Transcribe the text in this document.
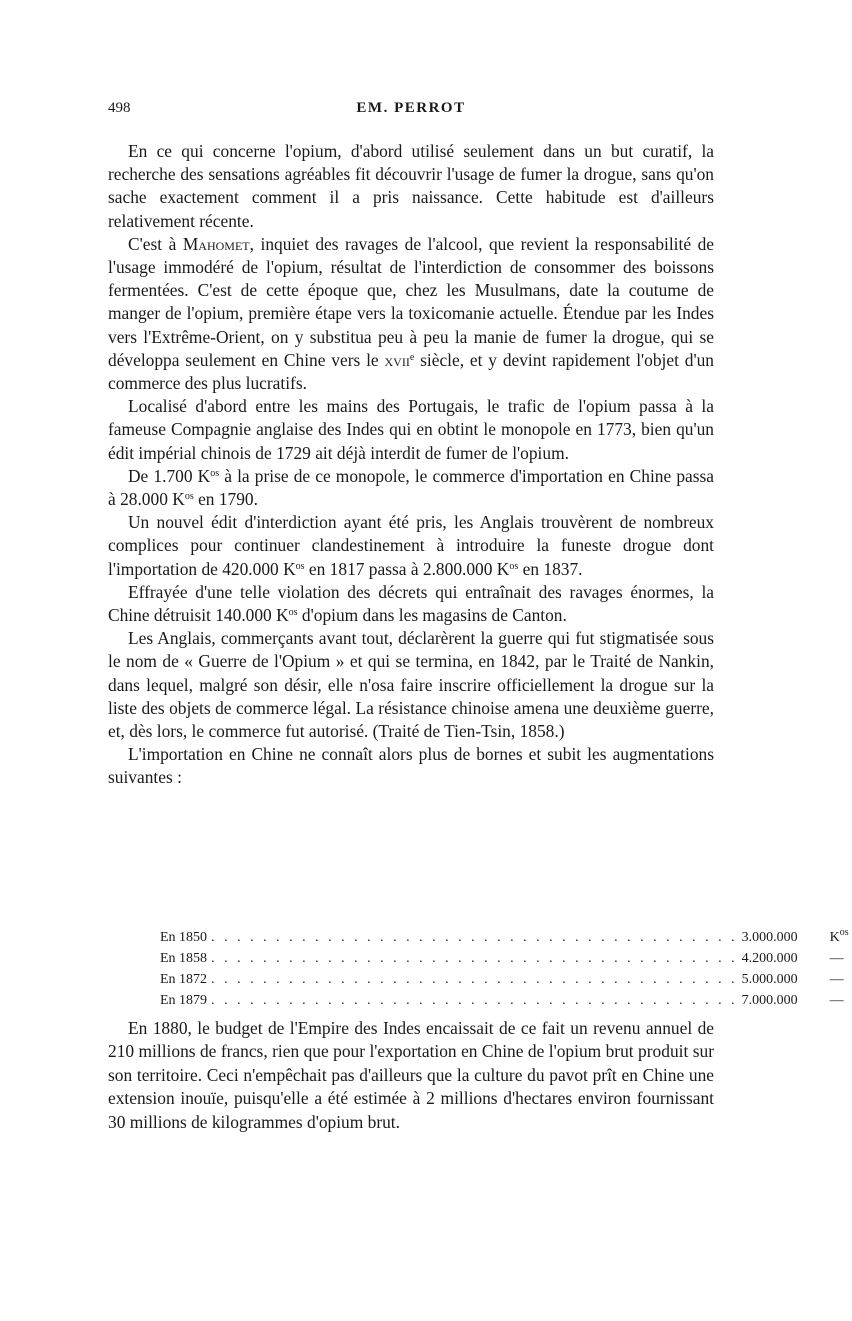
498	EM. PERROT

En ce qui concerne l'opium, d'abord utilisé seulement dans un but curatif, la recherche des sensations agréables fit découvrir l'usage de fumer la drogue, sans qu'on sache exactement comment il a pris naissance. Cette habitude est d'ailleurs relativement récente.

C'est à Mahomet, inquiet des ravages de l'alcool, que revient la responsabilité de l'usage immodéré de l'opium, résultat de l'interdiction de consommer des boissons fermentées. C'est de cette époque que, chez les Musulmans, date la coutume de manger de l'opium, première étape vers la toxicomanie actuelle. Étendue par les Indes vers l'Extrême-Orient, on y substitua peu à peu la manie de fumer la drogue, qui se développa seulement en Chine vers le xvii$^e$ siècle, et y devint rapidement l'objet d'un commerce des plus lucratifs.

Localisé d'abord entre les mains des Portugais, le trafic de l'opium passa à la fameuse Compagnie anglaise des Indes qui en obtint le monopole en 1773, bien qu'un édit impérial chinois de 1729 ait déjà interdit de fumer de l'opium.

De 1.700 $K^{os}$ à la prise de ce monopole, le commerce d'importation en Chine passa à 28.000 $K^{os}$ en 1790.

Un nouvel édit d'interdiction ayant été pris, les Anglais trouvèrent de nombreux complices pour continuer clandestinement à introduire la funeste drogue dont l'importation de 420.000 $K^{os}$ en 1817 passa à 2.800.000 $K^{os}$ en 1837.

Effrayée d'une telle violation des décrets qui entraînait des ravages énormes, la Chine détruisit 140.000 $K^{os}$ d'opium dans les magasins de Canton.

Les Anglais, commerçants avant tout, déclarèrent la guerre qui fut stigmatisée sous le nom de « Guerre de l'Opium » et qui se termina, en 1842, par le Traité de Nankin, dans lequel, malgré son désir, elle n'osa faire inscrire officiellement la drogue sur la liste des objets de commerce légal. La résistance chinoise amena une deuxième guerre, et, dès lors, le commerce fut autorisé. (Traité de Tien-Tsin, 1858.)

L'importation en Chine ne connaît alors plus de bornes et subit les augmentations suivantes :

En 1850 . . . . . . . . . . . . . . . . . . . . . . . . . . . . . . . . . . . . . . . . . 3.000.000	$K^{os}$
En 1858 . . . . . . . . . . . . . . . . . . . . . . . . . . . . . . . . . . . . . . . . . 4.200.000	—
En 1872 . . . . . . . . . . . . . . . . . . . . . . . . . . . . . . . . . . . . . . . . . 5.000.000	—
En 1879 . . . . . . . . . . . . . . . . . . . . . . . . . . . . . . . . . . . . . . . . . 7.000.000	—

En 1880, le budget de l'Empire des Indes encaissait de ce fait un revenu annuel de 210 millions de francs, rien que pour l'exportation en Chine de l'opium brut produit sur son territoire. Ceci n'empêchait pas d'ailleurs que la culture du pavot prît en Chine une extension inouïe, puisqu'elle a été estimée à 2 millions d'hectares environ fournissant 30 millions de kilogrammes d'opium brut.
